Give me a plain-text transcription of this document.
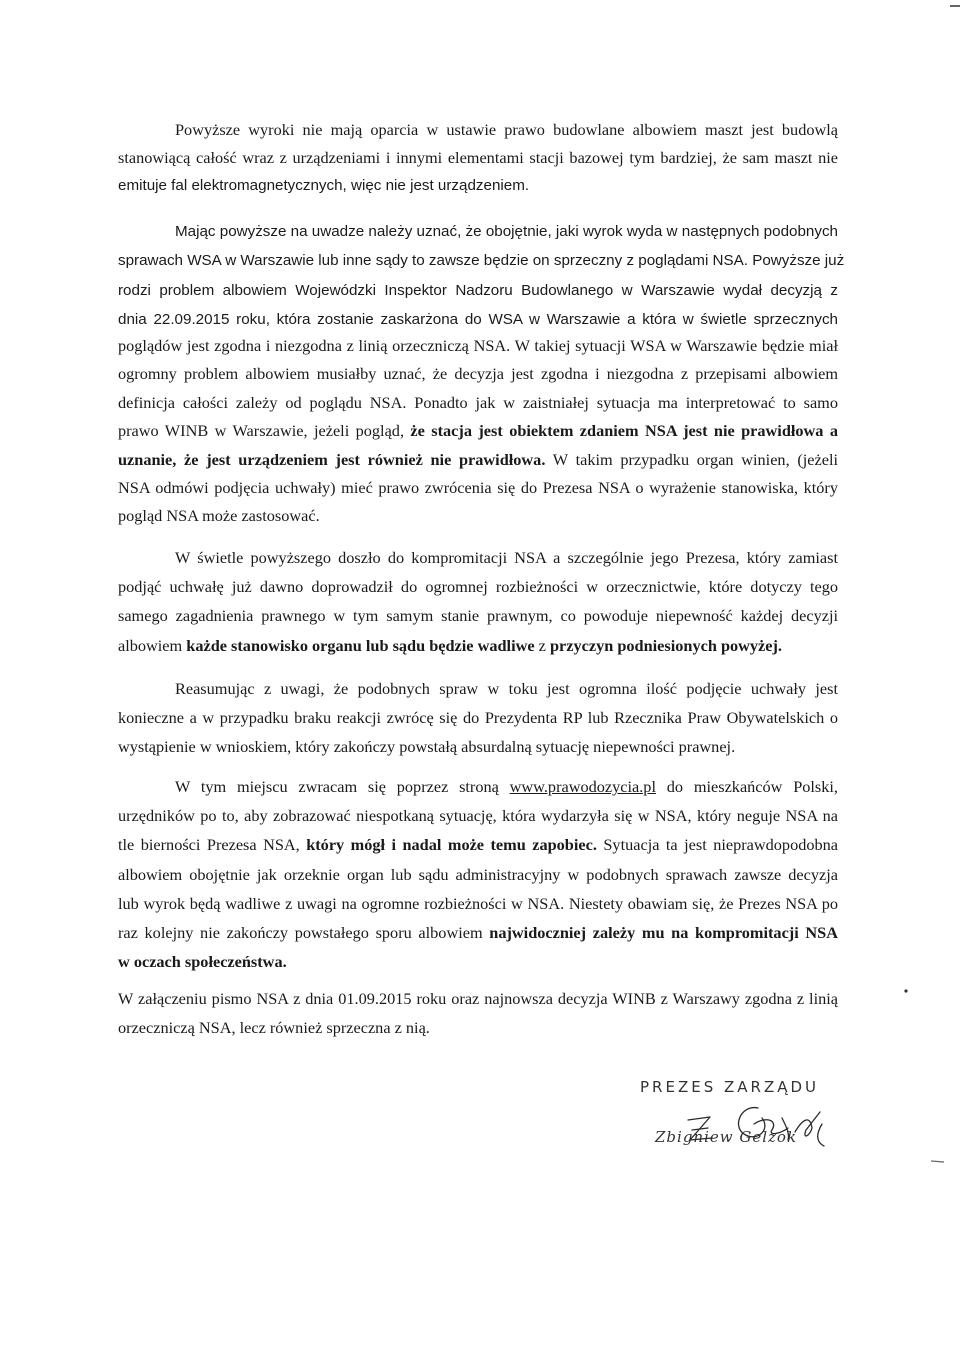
Powyższe wyroki nie mają oparcia w ustawie prawo budowlane albowiem maszt jest budowlą
stanowiącą całość wraz z urządzeniami i innymi elementami stacji bazowej tym bardziej, że sam maszt nie
emituje fal elektromagnetycznych, więc nie jest urządzeniem.
Mając powyższe na uwadze należy uznać, że obojętnie, jaki wyrok wyda w następnych podobnych
sprawach WSA w Warszawie lub inne sądy to zawsze będzie on sprzeczny z poglądami NSA. Powyższe już
rodzi problem albowiem Wojewódzki Inspektor Nadzoru Budowlanego w Warszawie wydał decyzją z
dnia 22.09.2015 roku, która zostanie zaskarżona do WSA w Warszawie a która w świetle sprzecznych
poglądów jest zgodna i niezgodna z linią orzeczniczą NSA. W takiej sytuacji WSA w Warszawie będzie miał
ogromny problem albowiem musiałby uznać, że decyzja jest zgodna i niezgodna z przepisami albowiem
definicja całości zależy od poglądu NSA. Ponadto jak w zaistniałej sytuacja ma interpretować to samo
prawo WINB w Warszawie, jeżeli pogląd, że stacja jest obiektem zdaniem NSA jest nie prawidłowa a
uznanie, że jest urządzeniem jest również nie prawidłowa. W takim przypadku organ winien, (jeżeli
NSA odmówi podjęcia uchwały) mieć prawo zwrócenia się do Prezesa NSA o wyrażenie stanowiska, który
pogląd NSA może zastosować.
W świetle powyższego doszło do kompromitacji NSA a szczególnie jego Prezesa, który zamiast
podjąć uchwałę już dawno doprowadził do ogromnej rozbieżności w orzecznictwie, które dotyczy tego
samego zagadnienia prawnego w tym samym stanie prawnym, co powoduje niepewność każdej decyzji
albowiem każde stanowisko organu lub sądu będzie wadliwe z przyczyn podniesionych powyżej.
Reasumując z uwagi, że podobnych spraw w toku jest ogromna ilość podjęcie uchwały jest
konieczne a w przypadku braku reakcji zwrócę się do Prezydenta RP lub Rzecznika Praw Obywatelskich o
wystąpienie w wnioskiem, który zakończy powstałą absurdalną sytuację niepewności prawnej.
W tym miejscu zwracam się poprzez stroną www.prawodozycia.pl do mieszkańców Polski,
urzędników po to, aby zobrazować niespotkaną sytuację, która wydarzyła się w NSA, który neguje NSA na
tle bierności Prezesa NSA, który mógł i nadal może temu zapobiec. Sytuacja ta jest nieprawdopodobna
albowiem obojętnie jak orzeknie organ lub sądu administracyjny w podobnych sprawach zawsze decyzja
lub wyrok będą wadliwe z uwagi na ogromne rozbieżności w NSA. Niestety obawiam się, że Prezes NSA po
raz kolejny nie zakończy powstałego sporu albowiem najwidoczniej zależy mu na kompromitacji NSA
w oczach społeczeństwa.
W załączeniu pismo NSA z dnia 01.09.2015 roku oraz najnowsza decyzja WINB z Warszawy zgodna z linią
orzeczniczą NSA, lecz również sprzeczna z nią.
PREZES ZARZĄDU
Zbigniew Gelzok
